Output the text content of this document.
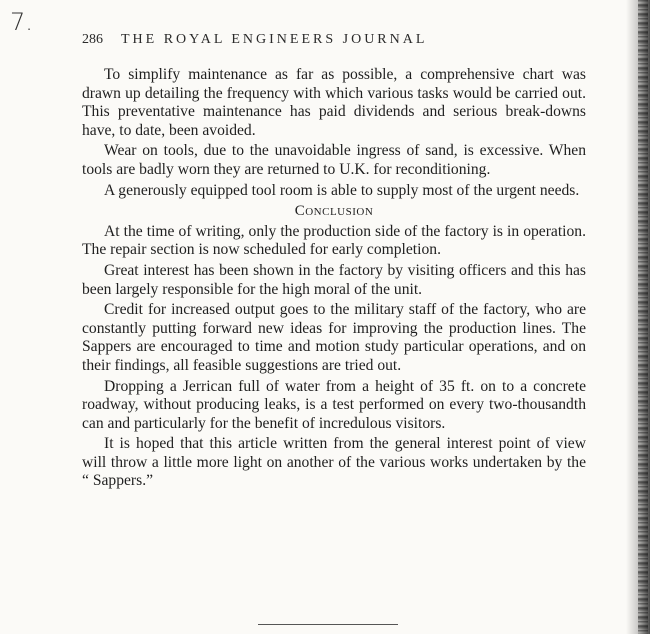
7.
286 THE ROYAL ENGINEERS JOURNAL

To simplify maintenance as far as possible, a comprehensive chart was drawn up detailing the frequency with which various tasks would be carried out. This preventative maintenance has paid dividends and serious break-downs have, to date, been avoided.

Wear on tools, due to the unavoidable ingress of sand, is excessive. When tools are badly worn they are returned to U.K. for reconditioning.

A generously equipped tool room is able to supply most of the urgent needs.

Conclusion

At the time of writing, only the production side of the factory is in operation. The repair section is now scheduled for early completion.

Great interest has been shown in the factory by visiting officers and this has been largely responsible for the high moral of the unit.

Credit for increased output goes to the military staff of the factory, who are constantly putting forward new ideas for improving the production lines. The Sappers are encouraged to time and motion study particular operations, and on their findings, all feasible suggestions are tried out.

Dropping a Jerrican full of water from a height of 35 ft. on to a concrete roadway, without producing leaks, is a test performed on every two-thousandth can and particularly for the benefit of incredulous visitors.

It is hoped that this article written from the general interest point of view will throw a little more light on another of the various works undertaken by the “ Sappers.”
